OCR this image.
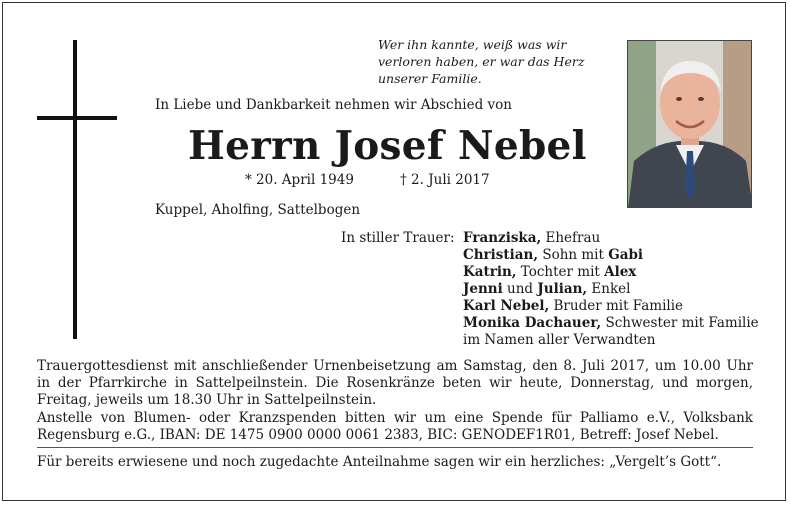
Wer ihn kannte, weiß was wir
verloren haben, er war das Herz
unserer Familie.
In Liebe und Dankbarkeit nehmen wir Abschied von
Herrn Josef Nebel
* 20. April 1949	† 2. Juli 2017
Kuppel, Aholfing, Sattelbogen
In stiller Trauer: Franziska, Ehefrau
Christian, Sohn mit Gabi
Katrin, Tochter mit Alex
Jenni und Julian, Enkel
Karl Nebel, Bruder mit Familie
Monika Dachauer, Schwester mit Familie
im Namen aller Verwandten
Trauergottesdienst mit anschließender Urnenbeisetzung am Samstag, den 8. Juli 2017, um 10.00 Uhr in der Pfarrkirche in Sattelpeilnstein. Die Rosenkränze beten wir heute, Donnerstag, und morgen, Freitag, jeweils um 18.30 Uhr in Sattelpeilnstein.
Anstelle von Blumen- oder Kranzspenden bitten wir um eine Spende für Palliamo e.V., Volksbank Regensburg e.G., IBAN: DE 1475 0900 0000 0061 2383, BIC: GENODEF1R01, Betreff: Josef Nebel.
Für bereits erwiesene und noch zugedachte Anteilnahme sagen wir ein herzliches: „Vergelt’s Gott“.
